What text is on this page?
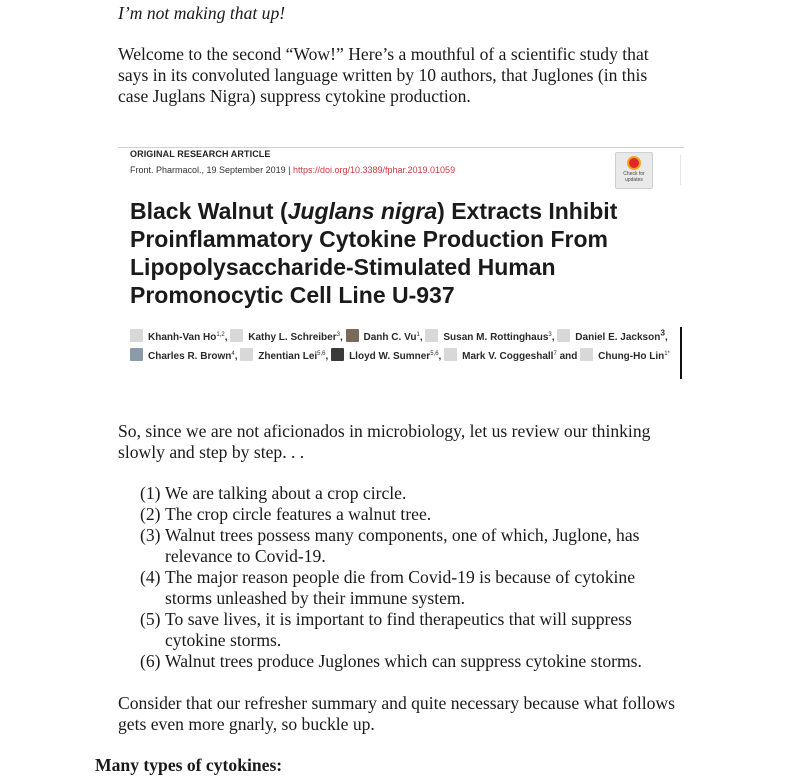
I’m not making that up!

Welcome to the second “Wow!” Here’s a mouthful of a scientific study that says in its convoluted language written by 10 authors, that Juglones (in this case Juglans Nigra) suppress cytokine production.

ORIGINAL RESEARCH ARTICLE
Front. Pharmacol., 19 September 2019 | https://doi.org/10.3389/fphar.2019.01059	Check for updates
Black Walnut (Juglans nigra) Extracts Inhibit Proinflammatory Cytokine Production From Lipopolysaccharide-Stimulated Human Promonocytic Cell Line U-937
Khanh-Van Ho$^{1,2}$, Kathy L. Schreiber$^3$, Danh C. Vu$^1$, Susan M. Rottinghaus$^3$, Daniel E. Jackson$^3$, Charles R. Brown$^4$, Zhentian Lei$^{5,6}$, Lloyd W. Sumner$^{5,6}$, Mark V. Coggeshall$^7$ and Chung-Ho Lin$^{1*}$

So, since we are not aficionados in microbiology, let us review our thinking slowly and step by step. . .

(1) We are talking about a crop circle.
(2) The crop circle features a walnut tree.
(3) Walnut trees possess many components, one of which, Juglone, has relevance to Covid-19.
(4) The major reason people die from Covid-19 is because of cytokine storms unleashed by their immune system.
(5) To save lives, it is important to find therapeutics that will suppress cytokine storms.
(6) Walnut trees produce Juglones which can suppress cytokine storms.

Consider that our refresher summary and quite necessary because what follows gets even more gnarly, so buckle up.

Many types of cytokines:
